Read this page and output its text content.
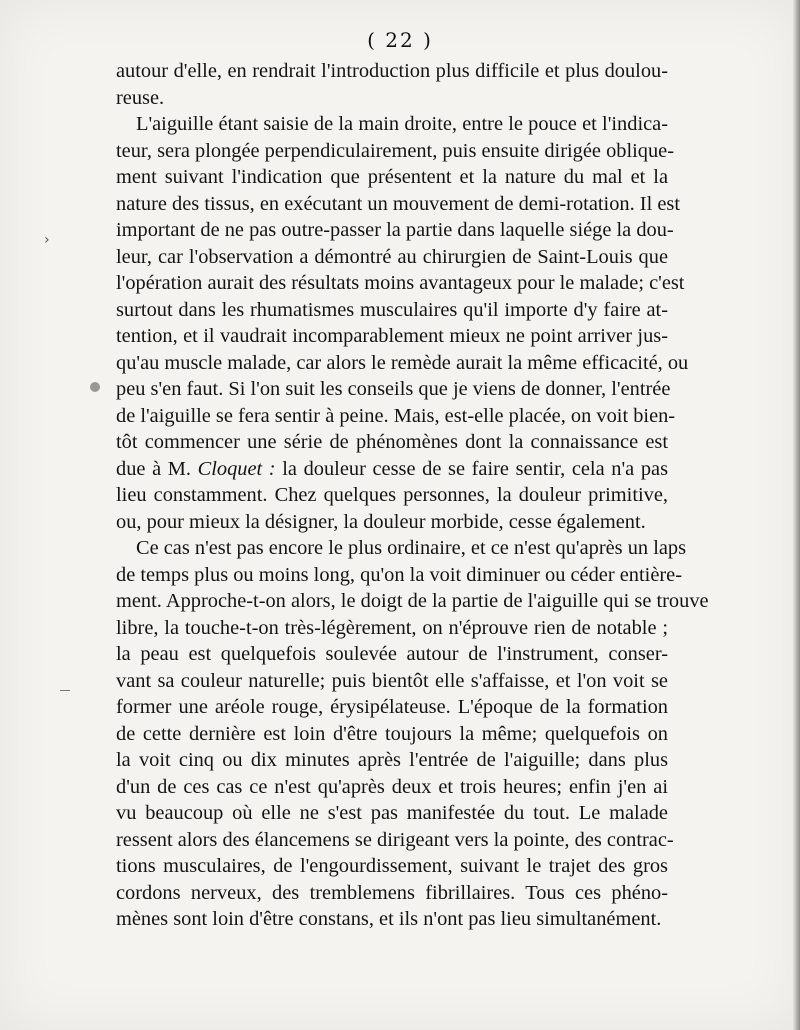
( 22 )
autour d'elle, en rendrait l'introduction plus difficile et plus doulou-
reuse.
L'aiguille étant saisie de la main droite, entre le pouce et l'indica-
teur, sera plongée perpendiculairement, puis ensuite dirigée oblique-
ment suivant l'indication que présentent et la nature du mal et la
nature des tissus, en exécutant un mouvement de demi-rotation. Il est
important de ne pas outre-passer la partie dans laquelle siége la dou-
leur, car l'observation a démontré au chirurgien de Saint-Louis que
l'opération aurait des résultats moins avantageux pour le malade; c'est
surtout dans les rhumatismes musculaires qu'il importe d'y faire at-
tention, et il vaudrait incomparablement mieux ne point arriver jus-
qu'au muscle malade, car alors le remède aurait la même efficacité, ou
peu s'en faut. Si l'on suit les conseils que je viens de donner, l'entrée
de l'aiguille se fera sentir à peine. Mais, est-elle placée, on voit bien-
tôt commencer une série de phénomènes dont la connaissance est
due à M. Cloquet : la douleur cesse de se faire sentir, cela n'a pas
lieu constamment. Chez quelques personnes, la douleur primitive,
ou, pour mieux la désigner, la douleur morbide, cesse également.
Ce cas n'est pas encore le plus ordinaire, et ce n'est qu'après un laps
de temps plus ou moins long, qu'on la voit diminuer ou céder entière-
ment. Approche-t-on alors, le doigt de la partie de l'aiguille qui se trouve
libre, la touche-t-on très-légèrement, on n'éprouve rien de notable ;
la peau est quelquefois soulevée autour de l'instrument, conser-
vant sa couleur naturelle; puis bientôt elle s'affaisse, et l'on voit se
former une aréole rouge, érysipélateuse. L'époque de la formation
de cette dernière est loin d'être toujours la même; quelquefois on
la voit cinq ou dix minutes après l'entrée de l'aiguille; dans plus
d'un de ces cas ce n'est qu'après deux et trois heures; enfin j'en ai
vu beaucoup où elle ne s'est pas manifestée du tout. Le malade
ressent alors des élancemens se dirigeant vers la pointe, des contrac-
tions musculaires, de l'engourdissement, suivant le trajet des gros
cordons nerveux, des tremblemens fibrillaires. Tous ces phéno-
mènes sont loin d'être constans, et ils n'ont pas lieu simultanément.
›
